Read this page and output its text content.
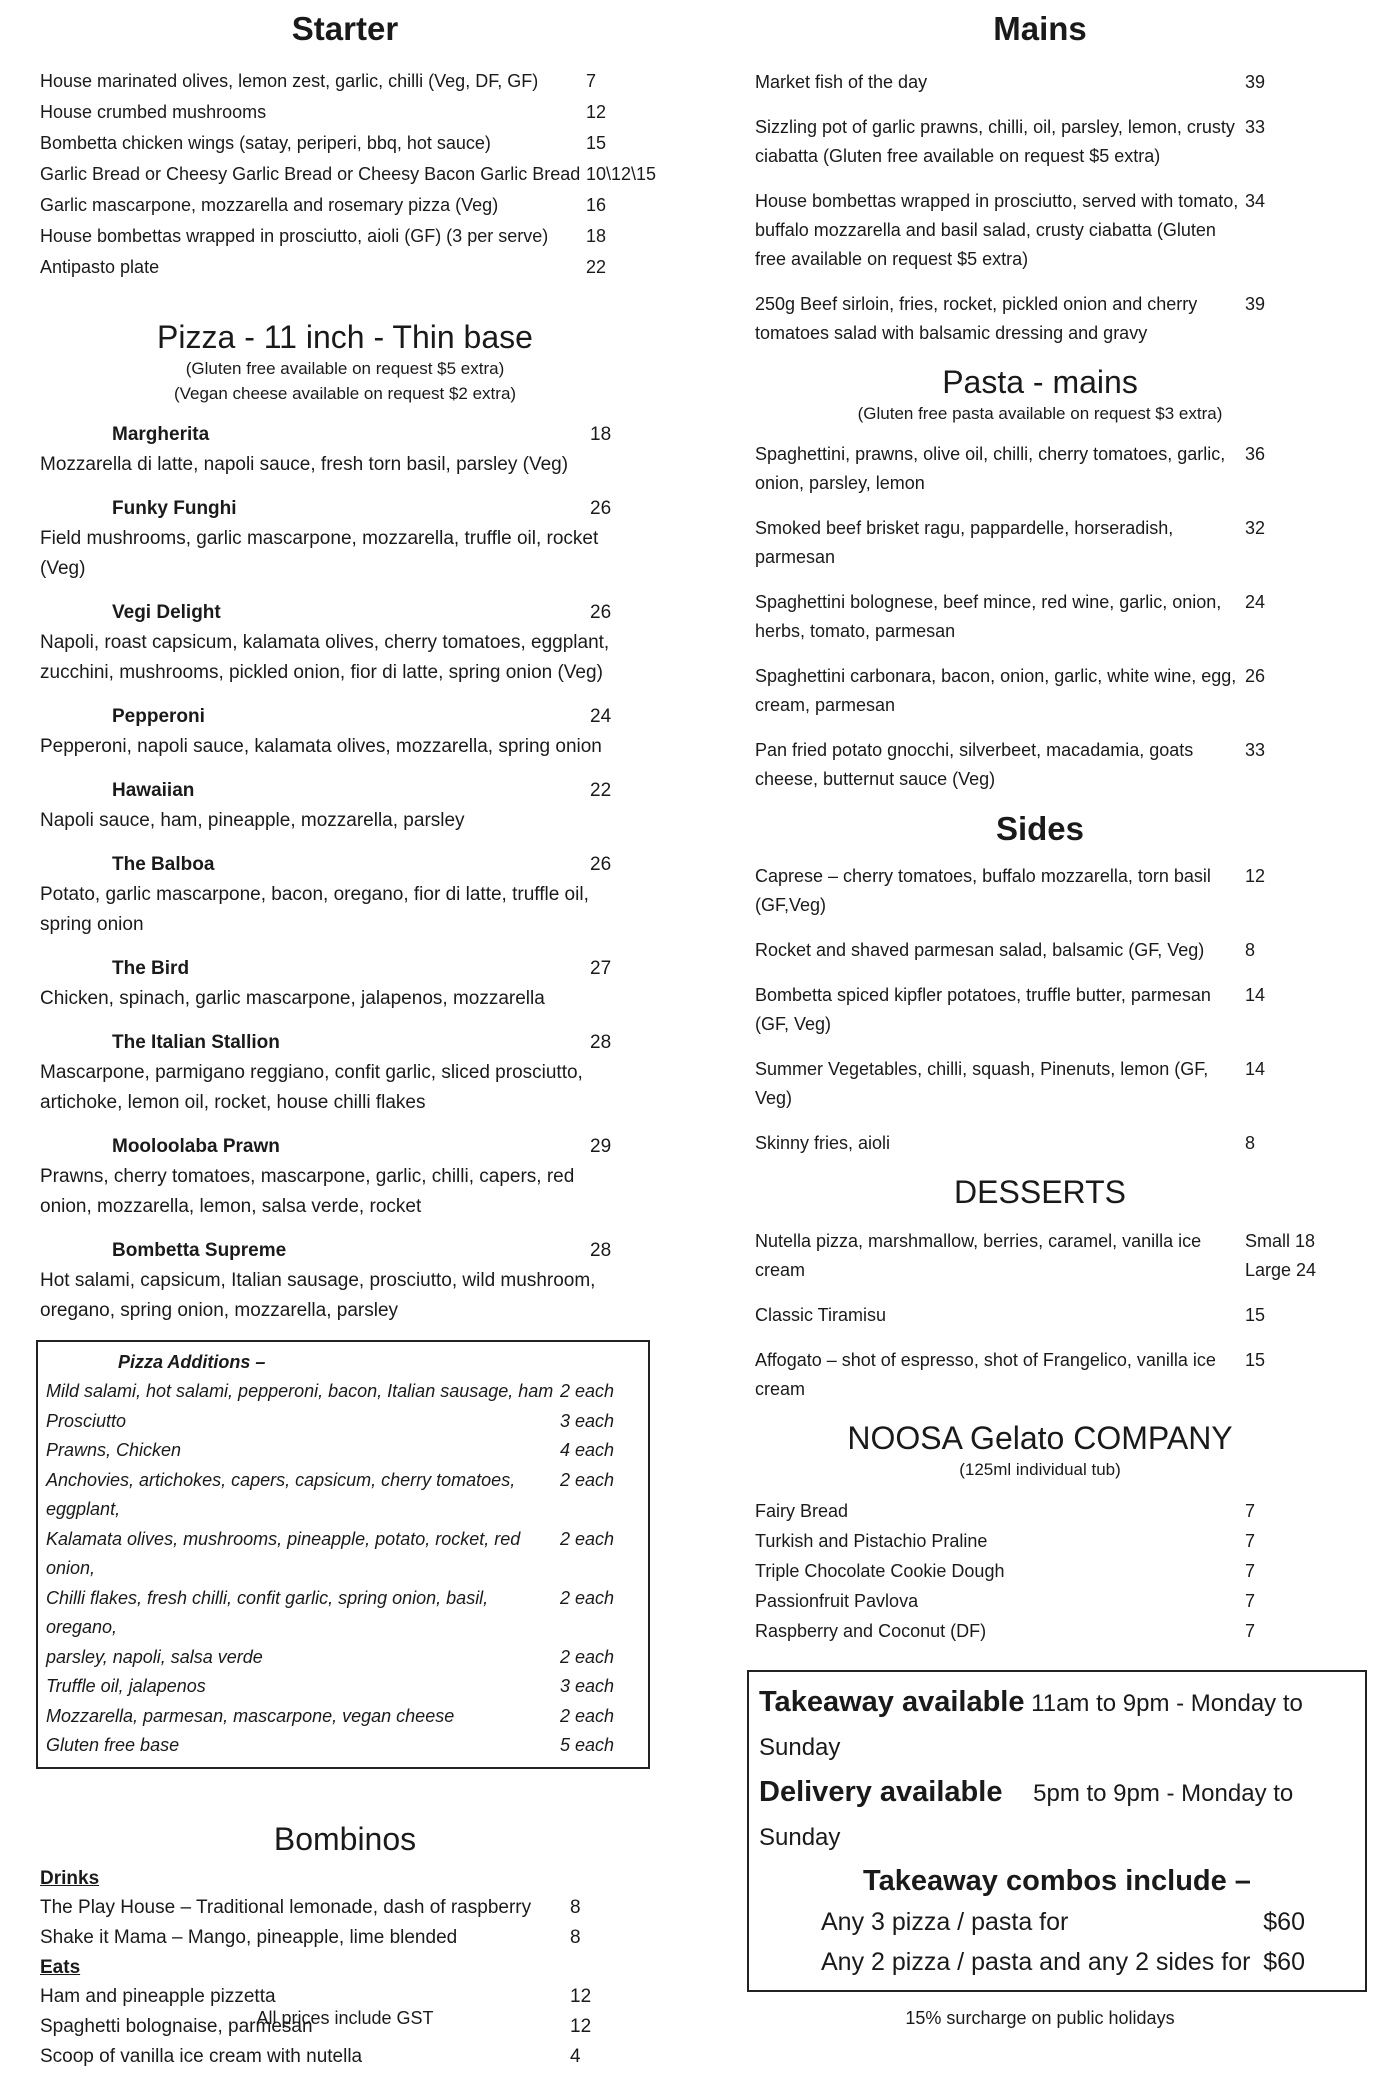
Starter
House marinated olives, lemon zest, garlic, chilli (Veg, DF, GF)	7
House crumbed mushrooms	12
Bombetta chicken wings (satay, periperi, bbq, hot sauce)	15
Garlic Bread or Cheesy Garlic Bread or Cheesy Bacon Garlic Bread 10\12\15
Garlic mascarpone, mozzarella and rosemary pizza (Veg)	16
House bombettas wrapped in prosciutto, aioli (GF) (3 per serve)	18
Antipasto plate	22
Pizza - 11 inch - Thin base
(Gluten free available on request $5 extra)
(Vegan cheese available on request $2 extra)
Margherita	18
Mozzarella di latte, napoli sauce, fresh torn basil, parsley (Veg)
Funky Funghi	26
Field mushrooms, garlic mascarpone, mozzarella, truffle oil, rocket (Veg)
Vegi Delight	26
Napoli, roast capsicum, kalamata olives, cherry tomatoes, eggplant, zucchini, mushrooms, pickled onion, fior di latte, spring onion (Veg)
Pepperoni	24
Pepperoni, napoli sauce, kalamata olives, mozzarella, spring onion
Hawaiian	22
Napoli sauce, ham, pineapple, mozzarella, parsley
The Balboa	26
Potato, garlic mascarpone, bacon, oregano, fior di latte, truffle oil, spring onion
The Bird	27
Chicken, spinach, garlic mascarpone, jalapenos, mozzarella
The Italian Stallion	28
Mascarpone, parmigano reggiano, confit garlic, sliced prosciutto, artichoke, lemon oil, rocket, house chilli flakes
Mooloolaba Prawn	29
Prawns, cherry tomatoes, mascarpone, garlic, chilli, capers, red onion, mozzarella, lemon, salsa verde, rocket
Bombetta Supreme	28
Hot salami, capsicum, Italian sausage, prosciutto, wild mushroom, oregano, spring onion, mozzarella, parsley
Pizza Additions –
Mild salami, hot salami, pepperoni, bacon, Italian sausage, ham 2 each
Prosciutto	3 each
Prawns, Chicken	4 each
Anchovies, artichokes, capers, capsicum, cherry tomatoes, eggplant,
2 each
Kalamata olives, mushrooms, pineapple, potato, rocket, red onion,
2 each
Chilli flakes, fresh chilli, confit garlic, spring onion, basil, oregano,
2 each
parsley, napoli, salsa verde	2 each
Truffle oil, jalapenos	3 each
Mozzarella, parmesan, mascarpone, vegan cheese	2 each
Gluten free base	5 each
Bombinos
Drinks
The Play House – Traditional lemonade, dash of raspberry	8
Shake it Mama – Mango, pineapple, lime blended	8
Eats
Ham and pineapple pizzetta	12
Spaghetti bolognaise, parmesan	12
Scoop of vanilla ice cream with nutella	4
Mains
Market fish of the day	39
Sizzling pot of garlic prawns, chilli, oil, parsley, lemon, crusty ciabatta (Gluten free available on request $5 extra)
33
House bombettas wrapped in prosciutto, served with tomato, buffalo mozzarella and basil salad, crusty ciabatta (Gluten free available on request $5 extra)
34
250g Beef sirloin, fries, rocket, pickled onion and cherry tomatoes salad with balsamic dressing and gravy
39
Pasta - mains
(Gluten free pasta available on request $3 extra)
Spaghettini, prawns, olive oil, chilli, cherry tomatoes, garlic, onion, parsley, lemon
36
Smoked beef brisket ragu, pappardelle, horseradish, parmesan
32
Spaghettini bolognese, beef mince, red wine, garlic, onion, herbs, tomato, parmesan
24
Spaghettini carbonara, bacon, onion, garlic, white wine, egg, cream, parmesan
26
Pan fried potato gnocchi, silverbeet, macadamia, goats cheese, butternut sauce (Veg)
33
Sides
Caprese – cherry tomatoes, buffalo mozzarella, torn basil (GF,Veg)
12
Rocket and shaved parmesan salad, balsamic (GF, Veg)	8
Bombetta spiced kipfler potatoes, truffle butter, parmesan (GF, Veg)
14
Summer Vegetables, chilli, squash, Pinenuts, lemon (GF, Veg)
14
Skinny fries, aioli	8
DESSERTS
Nutella pizza, marshmallow, berries, caramel, vanilla ice cream
Small 18
Large 24
Classic Tiramisu	15
Affogato – shot of espresso, shot of Frangelico, vanilla ice cream
15
NOOSA Gelato COMPANY
(125ml individual tub)
Fairy Bread	7
Turkish and Pistachio Praline	7
Triple Chocolate Cookie Dough	7
Passionfruit Pavlova	7
Raspberry and Coconut (DF)	7
Takeaway available 11am to 9pm - Monday to Sunday
Delivery available 5pm to 9pm - Monday to Sunday
Takeaway combos include –
Any 3 pizza / pasta for	$60
Any 2 pizza / pasta and any 2 sides for $60
All prices include GST	15% surcharge on public holidays
